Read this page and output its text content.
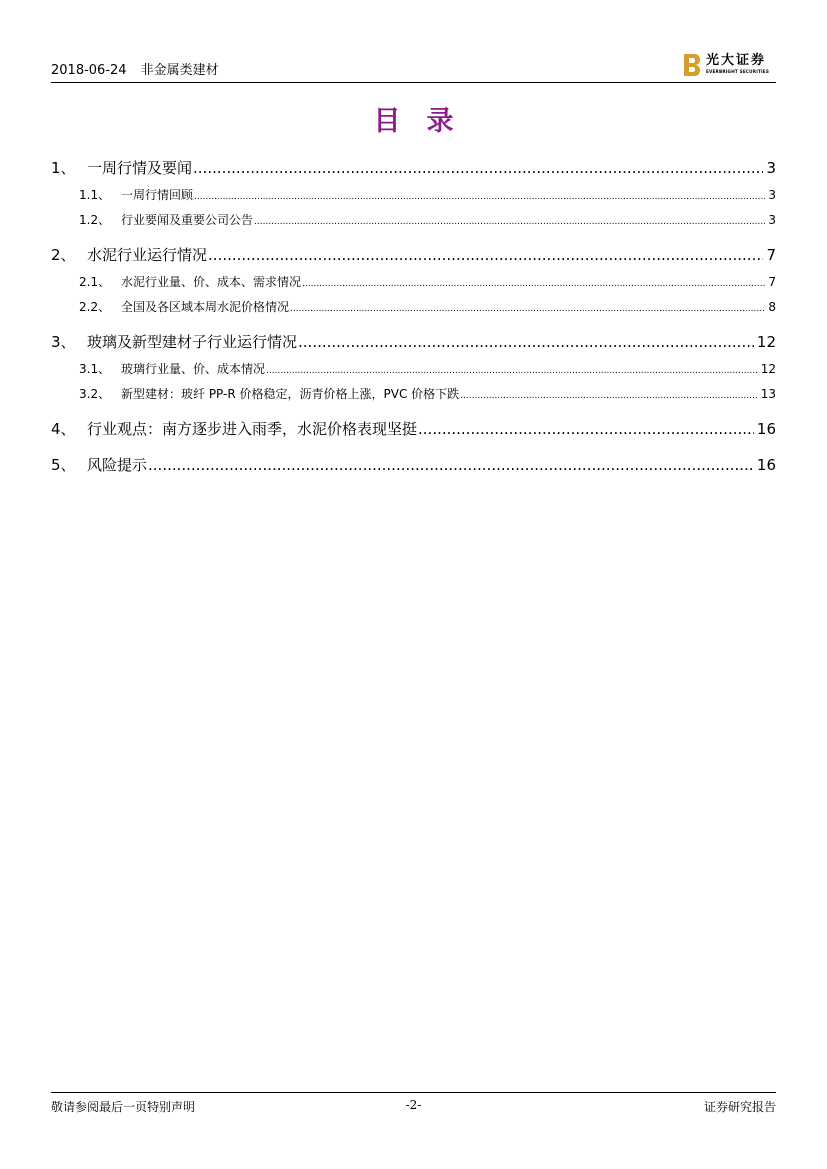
2018-06-24 非金属类建材
光大证券
EVERBRIGHT SECURITIES
目录
1、 一周行情及要闻 .....	3
1.1、 一周行情回顾 .....	3
1.2、 行业要闻及重要公司公告 .....	3
2、 水泥行业运行情况 .....	7
2.1、 水泥行业量、价、成本、需求情况 .....	7
2.2、 全国及各区域本周水泥价格情况 .....	8
3、 玻璃及新型建材子行业运行情况 .....	12
3.1、 玻璃行业量、价、成本情况 .....	12
3.2、 新型建材：玻纤 PP-R 价格稳定，沥青价格上涨，PVC 价格下跌 .....	13
4、 行业观点：南方逐步进入雨季，水泥价格表现坚挺 .....	16
5、 风险提示 .....	16
敬请参阅最后一页特别声明	-2-	证券研究报告
